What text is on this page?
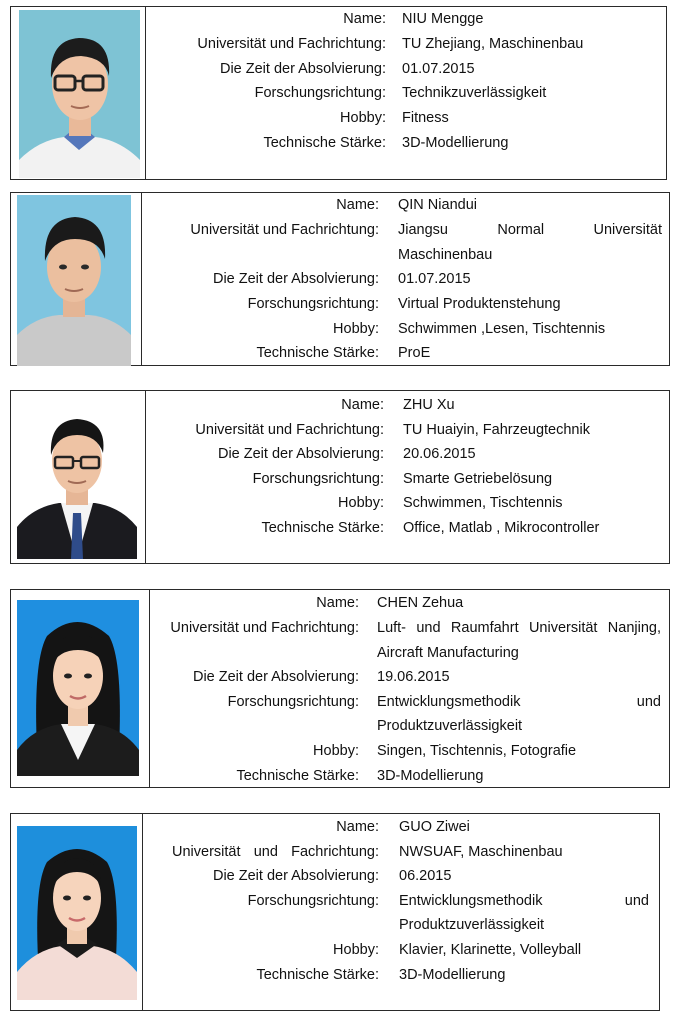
Name: NIU Mengge
Universität und Fachrichtung: TU Zhejiang, Maschinenbau
Die Zeit der Absolvierung: 01.07.2015
Forschungsrichtung: Technikzuverlässigkeit
Hobby: Fitness
Technische Stärke: 3D-Modellierung
Name: QIN Niandui
Universität und Fachrichtung: Jiangsu	Normal	Universität
Maschinenbau
Die Zeit der Absolvierung: 01.07.2015
Forschungsrichtung: Virtual Produktenstehung
Hobby: Schwimmen ,Lesen, Tischtennis
Technische Stärke: ProE
Name: ZHU Xu
Universität und Fachrichtung: TU Huaiyin, Fahrzeugtechnik
Die Zeit der Absolvierung: 20.06.2015
Forschungsrichtung: Smarte Getriebelösung
Hobby: Schwimmen, Tischtennis
Technische Stärke: Office, Matlab , Mikrocontroller
Name: CHEN Zehua
Universität und Fachrichtung: Luft- und Raumfahrt Universität Nanjing,
Aircraft Manufacturing
Die Zeit der Absolvierung: 19.06.2015
Forschungsrichtung: Entwicklungsmethodik	und
Produktzuverlässigkeit
Hobby: Singen, Tischtennis, Fotografie
Technische Stärke: 3D-Modellierung
Name: GUO Ziwei
Universität und Fachrichtung: NWSUAF, Maschinenbau
Die Zeit der Absolvierung: 06.2015
Forschungsrichtung: Entwicklungsmethodik	und
Produktzuverlässigkeit
Hobby: Klavier, Klarinette, Volleyball
Technische Stärke: 3D-Modellierung
